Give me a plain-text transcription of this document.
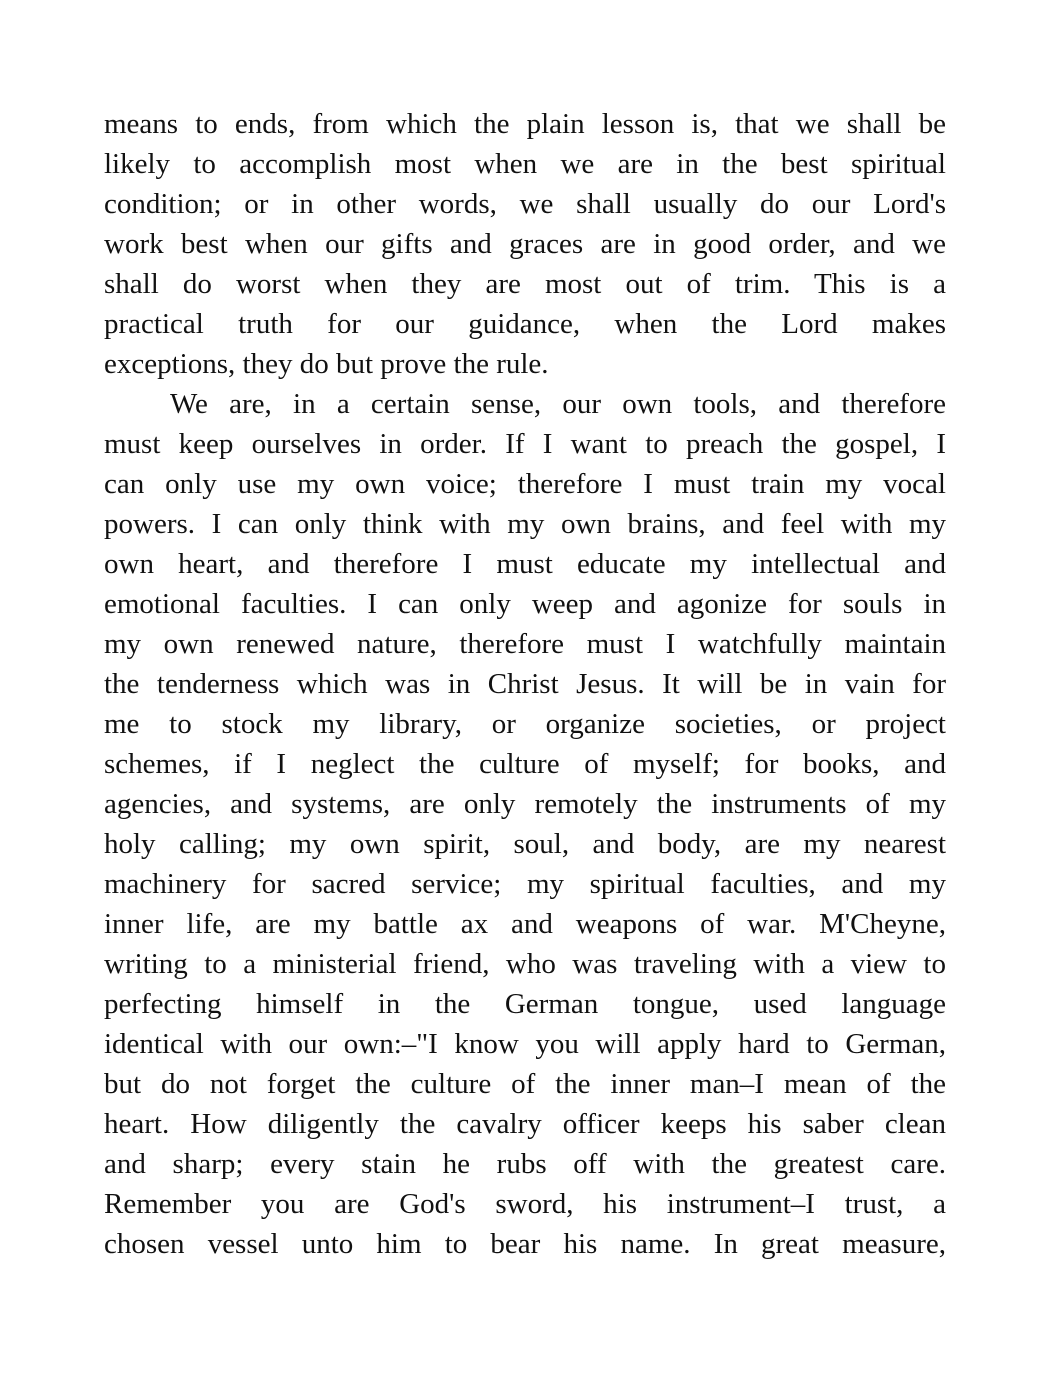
means to ends, from which the plain lesson is, that we shall be
likely to accomplish most when we are in the best spiritual
condition; or in other words, we shall usually do our Lord's
work best when our gifts and graces are in good order, and we
shall do worst when they are most out of trim. This is a
practical truth for our guidance, when the Lord makes
exceptions, they do but prove the rule.
We are, in a certain sense, our own tools, and therefore
must keep ourselves in order. If I want to preach the gospel, I
can only use my own voice; therefore I must train my vocal
powers. I can only think with my own brains, and feel with my
own heart, and therefore I must educate my intellectual and
emotional faculties. I can only weep and agonize for souls in
my own renewed nature, therefore must I watchfully maintain
the tenderness which was in Christ Jesus. It will be in vain for
me to stock my library, or organize societies, or project
schemes, if I neglect the culture of myself; for books, and
agencies, and systems, are only remotely the instruments of my
holy calling; my own spirit, soul, and body, are my nearest
machinery for sacred service; my spiritual faculties, and my
inner life, are my battle ax and weapons of war. M'Cheyne,
writing to a ministerial friend, who was traveling with a view to
perfecting himself in the German tongue, used language
identical with our own:–"I know you will apply hard to German,
but do not forget the culture of the inner man–I mean of the
heart. How diligently the cavalry officer keeps his saber clean
and sharp; every stain he rubs off with the greatest care.
Remember you are God's sword, his instrument–I trust, a
chosen vessel unto him to bear his name. In great measure,
